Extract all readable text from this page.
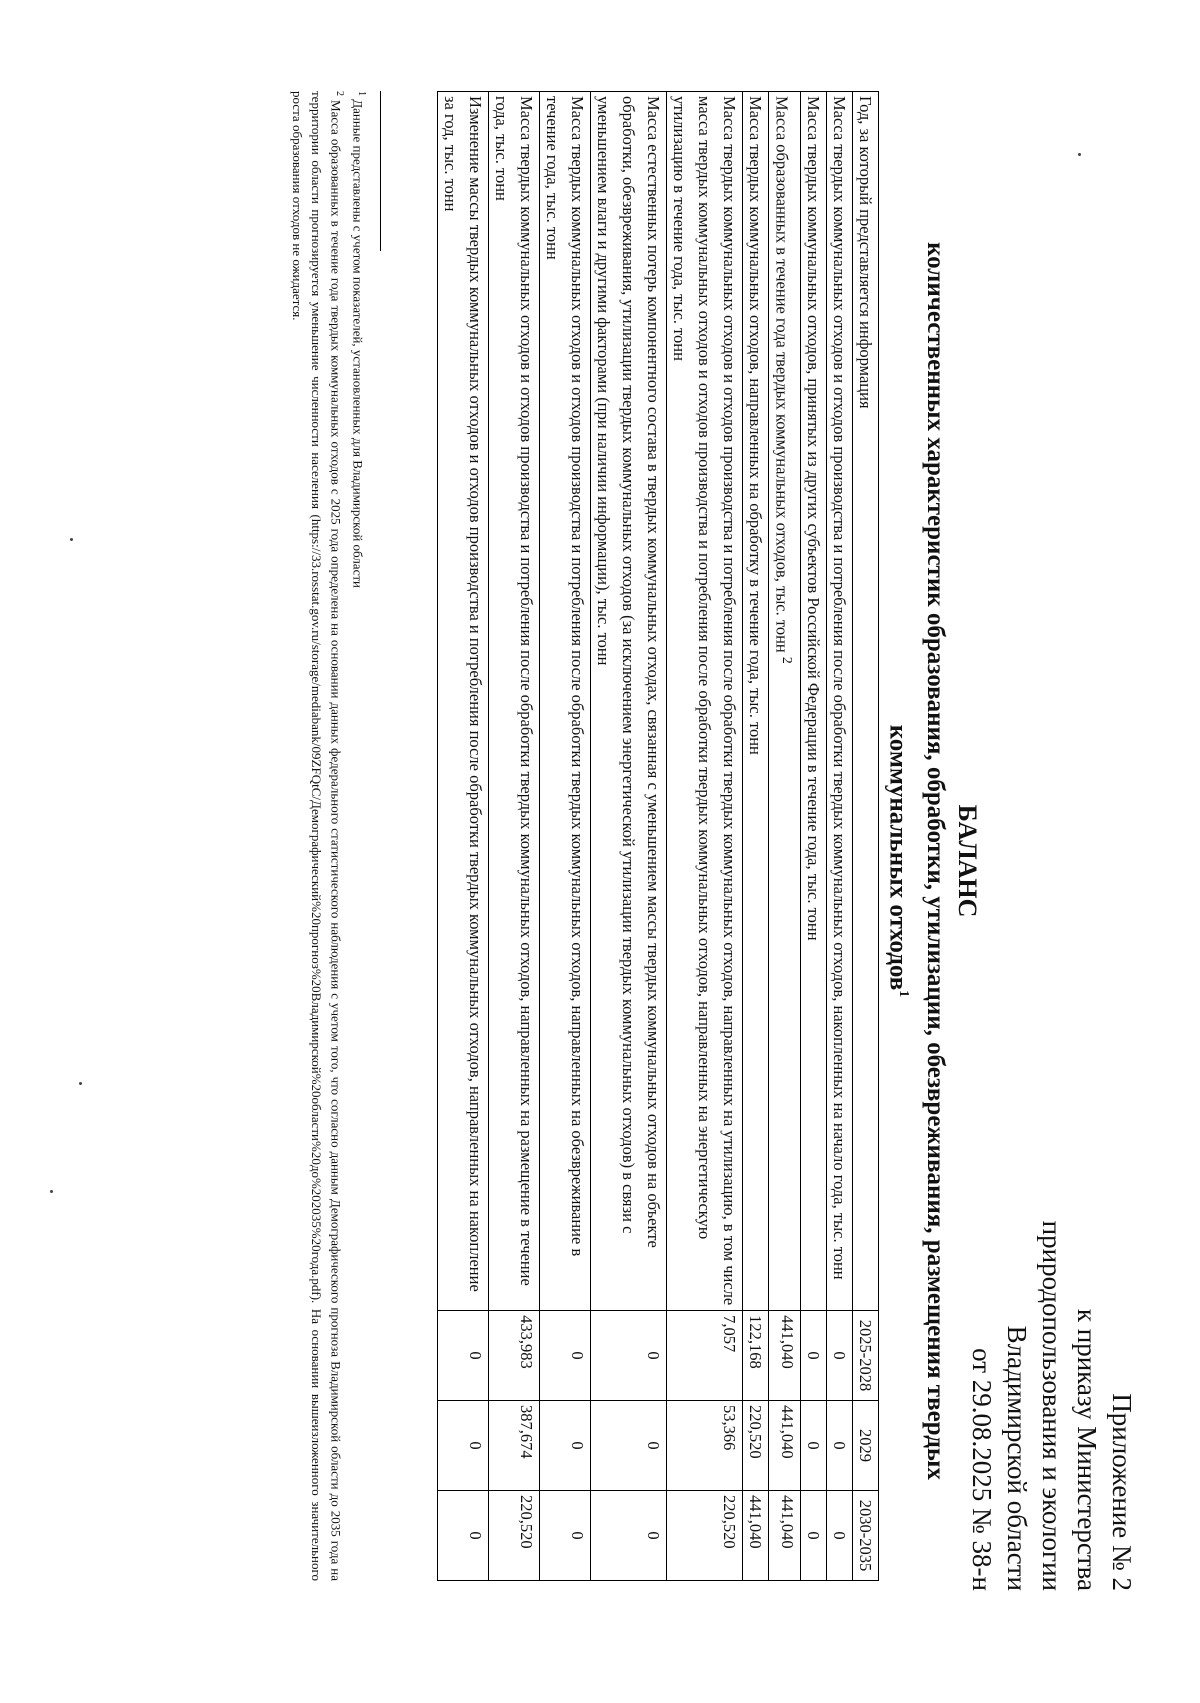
Приложение № 2
к приказу Министерства
природопользования и экологии
Владимирской области
от 29.08.2025 № 38-н
БАЛАНС
количественных характеристик образования, обработки, утилизации, обезвреживания, размещения твердых
коммунальных отходов$^1$
Год, за который представляется информация	2025-2028	2029	2030-2035
Масса твердых коммунальных отходов и отходов производства и потребления после обработки твердых коммунальных отходов, накопленных на начало года, тыс. тонн	0	0	0
Масса твердых коммунальных отходов, принятых из других субъектов Российской Федерации в течение года, тыс. тонн	0	0	0
Масса образованных в течение года твердых коммунальных отходов, тыс. тонн $^2$	441,040	441,040	441,040
Масса твердых коммунальных отходов, направленных на обработку в течение года, тыс. тонн	122,168	220,520	441,040
Масса твердых коммунальных отходов и отходов производства и потребления после обработки твердых коммунальных отходов, направленных на утилизацию, в том числе масса твердых коммунальных отходов и отходов производства и потребления после обработки твердых коммунальных отходов, направленных на энергетическую утилизацию в течение года, тыс. тонн	7,057	53,366	220,520
Масса естественных потерь компонентного состава в твердых коммунальных отходах, связанная с уменьшением массы твердых коммунальных отходов на объекте обработки, обезвреживания, утилизации твердых коммунальных отходов (за исключением энергетической утилизации твердых коммунальных отходов) в связи с уменьшением влаги и другими факторами (при наличии информации), тыс. тонн	0	0	0
Масса твердых коммунальных отходов и отходов производства и потребления после обработки твердых коммунальных отходов, направленных на обезвреживание в течение года, тыс. тонн	0	0	0
Масса твердых коммунальных отходов и отходов производства и потребления после обработки твердых коммунальных отходов, направленных на размещение в течение года, тыс. тонн	433,983	387,674	220,520
Изменение массы твердых коммунальных отходов и отходов производства и потребления после обработки твердых коммунальных отходов, направленных на накопление за год, тыс. тонн	0	0	0
$^1$ Данные представлены с учетом показателей, установленных для Владимирской области
$^2$ Масса образованных в течение года твердых коммунальных отходов с 2025 года определена на основании данных федерального статистического наблюдения с учетом того, что согласно данным Демографического прогноза Владимирской области до 2035 года на территории области прогнозируется уменьшение численности населения (https://33.rosstat.gov.ru/storage/mediabank/09ZFQtC/Демографический%20прогноз%20Владимирской%20области%20до%202035%20года.pdf). На основании вышеизложенного значительного роста образования отходов не ожидается.
